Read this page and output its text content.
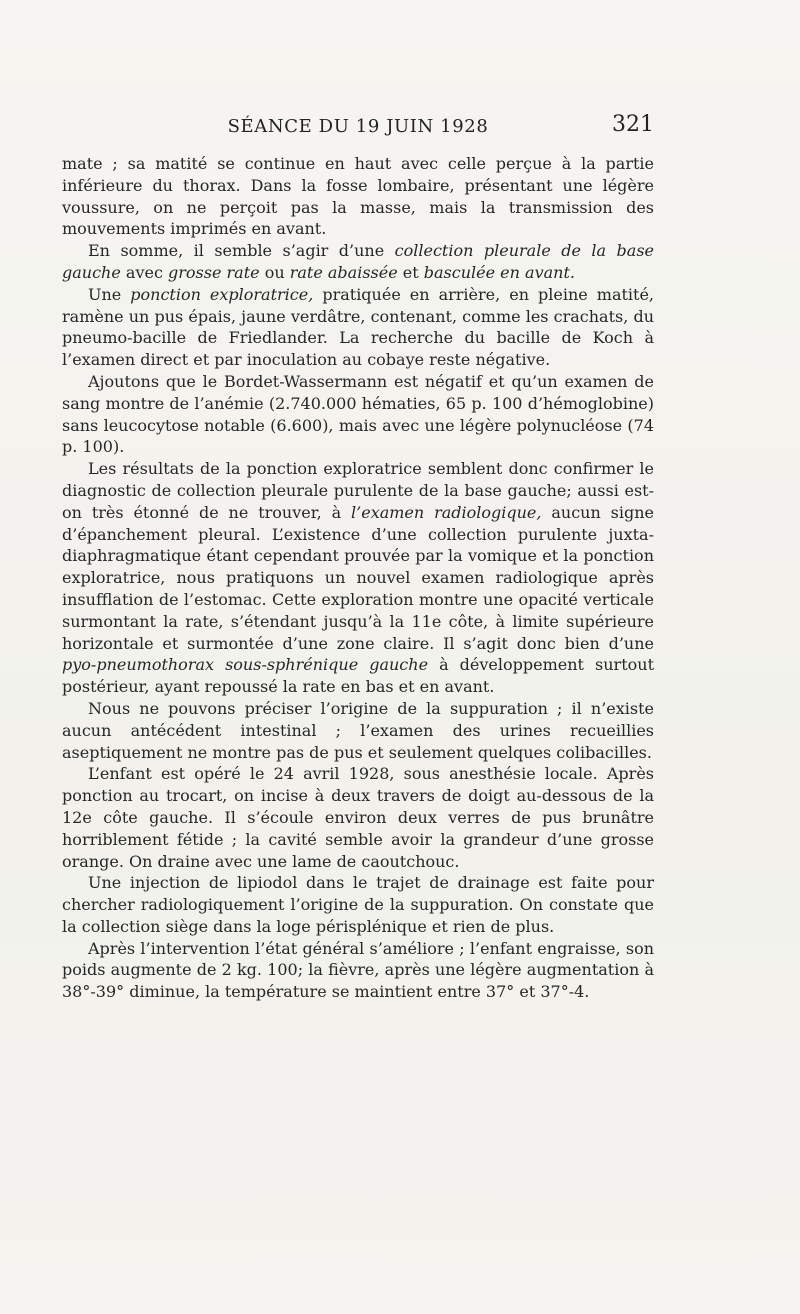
SÉANCE DU 19 JUIN 1928	321

mate ; sa matité se continue en haut avec celle perçue à la partie inférieure du thorax. Dans la fosse lombaire, présentant une légère voussure, on ne perçoit pas la masse, mais la transmission des mouvements imprimés en avant.

En somme, il semble s’agir d’une collection pleurale de la base gauche avec grosse rate ou rate abaissée et basculée en avant.

Une ponction exploratrice, pratiquée en arrière, en pleine matité, ramène un pus épais, jaune verdâtre, contenant, comme les crachats, du pneumo-bacille de Friedlander. La recherche du bacille de Koch à l’examen direct et par inoculation au cobaye reste négative.

Ajoutons que le Bordet-Wassermann est négatif et qu’un examen de sang montre de l’anémie (2.740.000 hématies, 65 p. 100 d’hémoglobine) sans leucocytose notable (6.600), mais avec une légère polynucléose (74 p. 100).

Les résultats de la ponction exploratrice semblent donc confirmer le diagnostic de collection pleurale purulente de la base gauche; aussi est-on très étonné de ne trouver, à l’examen radiologique, aucun signe d’épanchement pleural. L’existence d’une collection purulente juxta-diaphragmatique étant cependant prouvée par la vomique et la ponction exploratrice, nous pratiquons un nouvel examen radiologique après insufflation de l’estomac. Cette exploration montre une opacité verticale surmontant la rate, s’étendant jusqu’à la 11e côte, à limite supérieure horizontale et surmontée d’une zone claire. Il s’agit donc bien d’une pyo-pneumothorax sous-sphrénique gauche à développement surtout postérieur, ayant repoussé la rate en bas et en avant.

Nous ne pouvons préciser l’origine de la suppuration ; il n’existe aucun antécédent intestinal ; l’examen des urines recueillies aseptiquement ne montre pas de pus et seulement quelques colibacilles.

L’enfant est opéré le 24 avril 1928, sous anesthésie locale. Après ponction au trocart, on incise à deux travers de doigt au-dessous de la 12e côte gauche. Il s’écoule environ deux verres de pus brunâtre horriblement fétide ; la cavité semble avoir la grandeur d’une grosse orange. On draine avec une lame de caoutchouc.

Une injection de lipiodol dans le trajet de drainage est faite pour chercher radiologiquement l’origine de la suppuration. On constate que la collection siège dans la loge périsplénique et rien de plus.

Après l’intervention l’état général s’améliore ; l’enfant engraisse, son poids augmente de 2 kg. 100; la fièvre, après une légère augmentation à 38°-39° diminue, la température se maintient entre 37° et 37°-4.
